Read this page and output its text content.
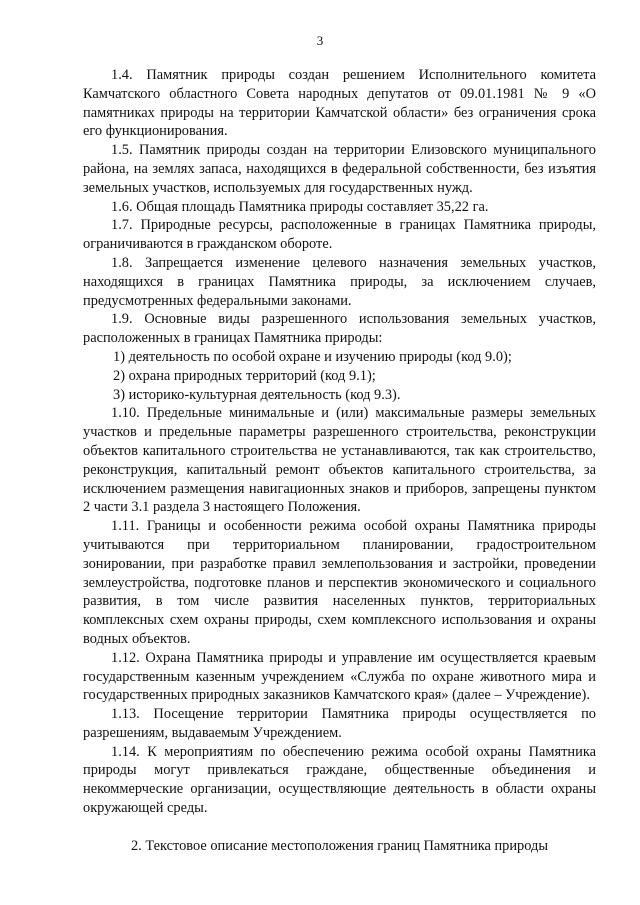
3

1.4. Памятник природы создан решением Исполнительного комитета Камчатского областного Совета народных депутатов от 09.01.1981 № 9 «О памятниках природы на территории Камчатской области» без ограничения срока его функционирования.

1.5. Памятник природы создан на территории Елизовского муниципального района, на землях запаса, находящихся в федеральной собственности, без изъятия земельных участков, используемых для государственных нужд.

1.6. Общая площадь Памятника природы составляет 35,22 га.

1.7. Природные ресурсы, расположенные в границах Памятника природы, ограничиваются в гражданском обороте.

1.8. Запрещается изменение целевого назначения земельных участков, находящихся в границах Памятника природы, за исключением случаев, предусмотренных федеральными законами.

1.9. Основные виды разрешенного использования земельных участков, расположенных в границах Памятника природы:

1) деятельность по особой охране и изучению природы (код 9.0);

2) охрана природных территорий (код 9.1);

3) историко-культурная деятельность (код 9.3).

1.10. Предельные минимальные и (или) максимальные размеры земельных участков и предельные параметры разрешенного строительства, реконструкции объектов капитального строительства не устанавливаются, так как строительство, реконструкция, капитальный ремонт объектов капитального строительства, за исключением размещения навигационных знаков и приборов, запрещены пунктом 2 части 3.1 раздела 3 настоящего Положения.

1.11. Границы и особенности режима особой охраны Памятника природы учитываются при территориальном планировании, градостроительном зонировании, при разработке правил землепользования и застройки, проведении землеустройства, подготовке планов и перспектив экономического и социального развития, в том числе развития населенных пунктов, территориальных комплексных схем охраны природы, схем комплексного использования и охраны водных объектов.

1.12. Охрана Памятника природы и управление им осуществляется краевым государственным казенным учреждением «Служба по охране животного мира и государственных природных заказников Камчатского края» (далее – Учреждение).

1.13. Посещение территории Памятника природы осуществляется по разрешениям, выдаваемым Учреждением.

1.14. К мероприятиям по обеспечению режима особой охраны Памятника природы могут привлекаться граждане, общественные объединения и некоммерческие организации, осуществляющие деятельность в области охраны окружающей среды.

2. Текстовое описание местоположения границ Памятника природы
